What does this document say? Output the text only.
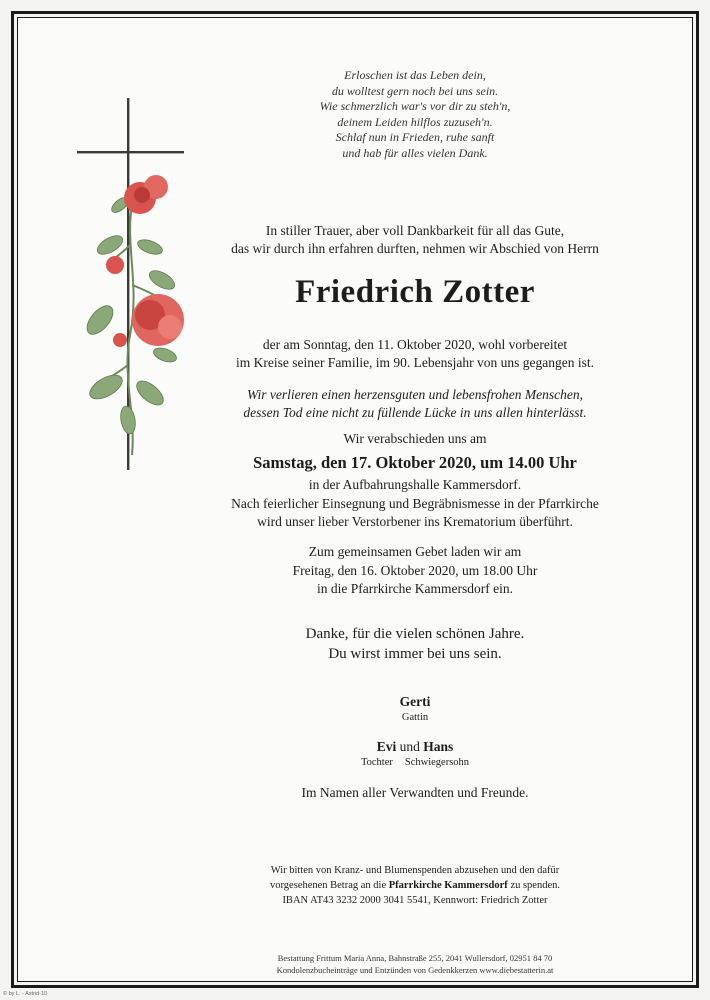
Erloschen ist das Leben dein,
du wolltest gern noch bei uns sein.
Wie schmerzlich war's vor dir zu steh'n,
deinem Leiden hilflos zuzuseh'n.
Schlaf nun in Frieden, ruhe sanft
und hab für alles vielen Dank.
In stiller Trauer, aber voll Dankbarkeit für all das Gute,
das wir durch ihn erfahren durften, nehmen wir Abschied von Herrn
Friedrich Zotter
der am Sonntag, den 11. Oktober 2020, wohl vorbereitet
im Kreise seiner Familie, im 90. Lebensjahr von uns gegangen ist.
Wir verlieren einen herzensguten und lebensfrohen Menschen,
dessen Tod eine nicht zu füllende Lücke in uns allen hinterlässt.
Wir verabschieden uns am
Samstag, den 17. Oktober 2020, um 14.00 Uhr
in der Aufbahrungshalle Kammersdorf.
Nach feierlicher Einsegnung und Begräbnismesse in der Pfarrkirche
wird unser lieber Verstorbener ins Krematorium überführt.
Zum gemeinsamen Gebet laden wir am
Freitag, den 16. Oktober 2020, um 18.00 Uhr
in die Pfarrkirche Kammersdorf ein.
Danke, für die vielen schönen Jahre.
Du wirst immer bei uns sein.
Gerti
Gattin
Evi und Hans
Tochter Schwiegersohn
Im Namen aller Verwandten und Freunde.
Wir bitten von Kranz- und Blumenspenden abzusehen und den dafür
vorgesehenen Betrag an die Pfarrkirche Kammersdorf zu spenden.
IBAN AT43 3232 2000 3041 5541, Kennwort: Friedrich Zotter
Bestattung Frittum Maria Anna, Bahnstraße 255, 2041 Wullersdorf, 02951 84 70
Kondolenzbucheinträge und Entzünden von Gedenkkerzen www.diebestatterin.at
© by L. - Astrid-10
